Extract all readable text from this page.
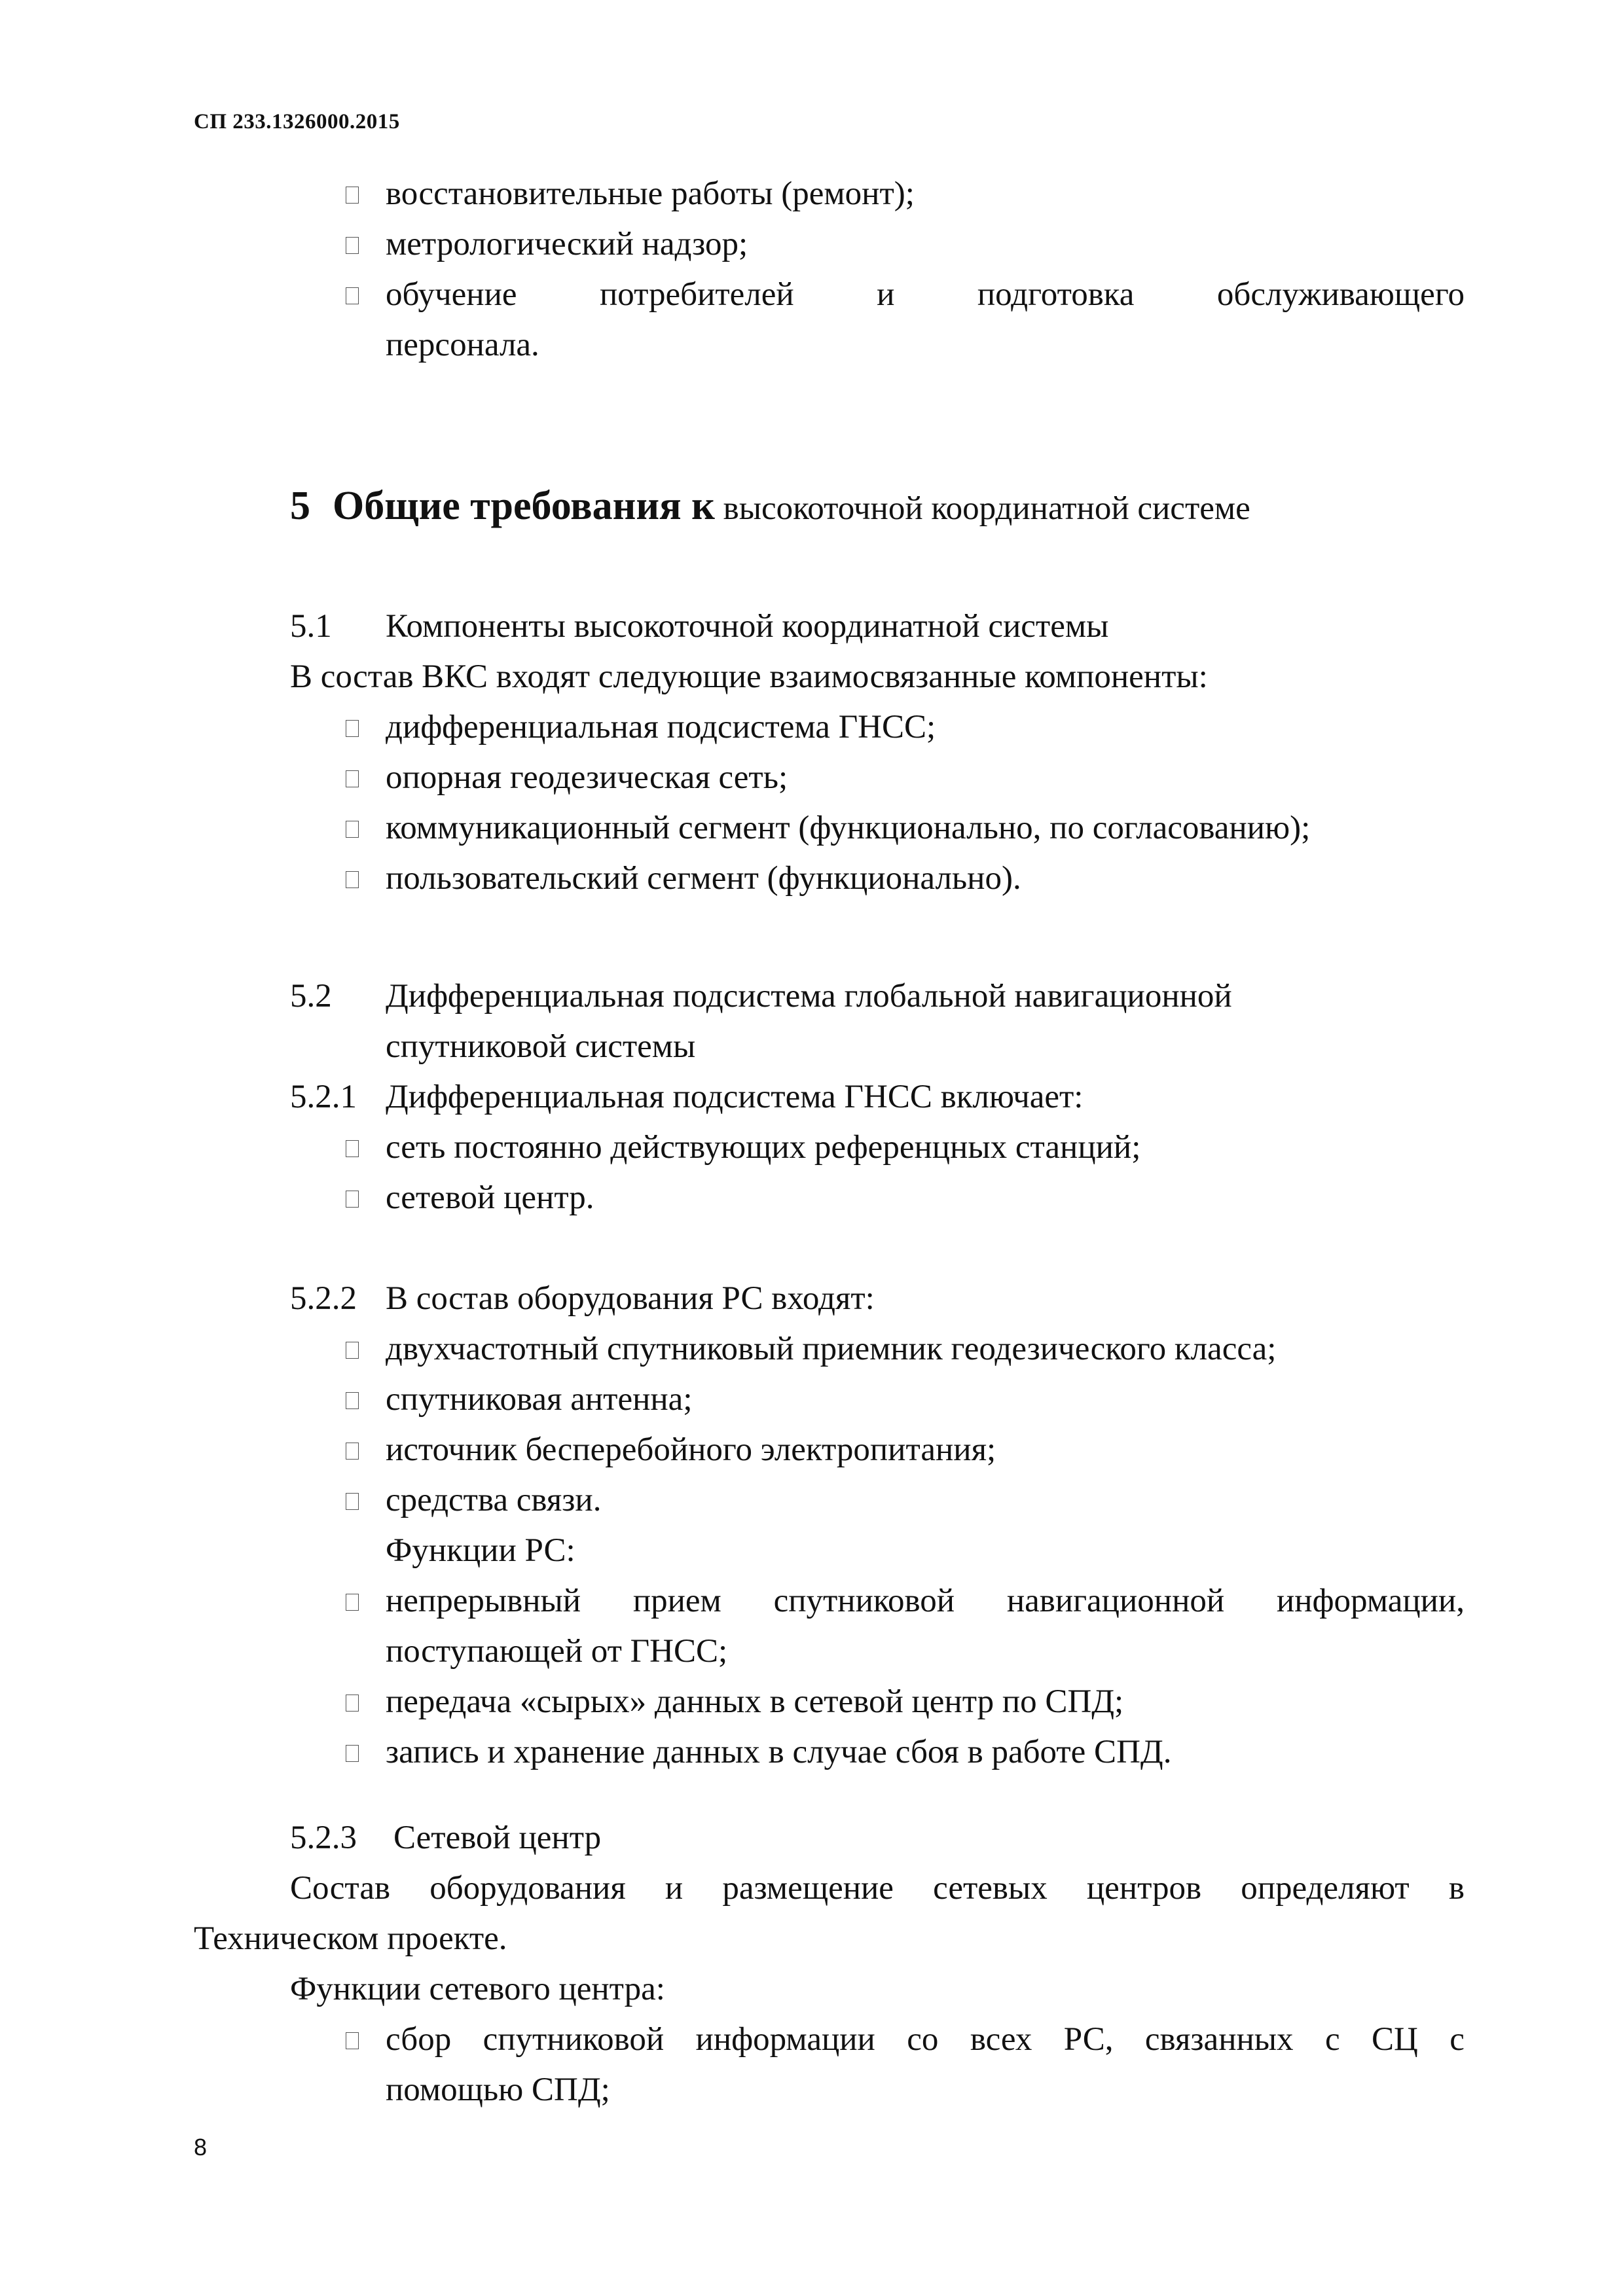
СП 233.1326000.2015
восстановительные работы (ремонт);
метрологический надзор;
обучение потребителей и подготовка обслуживающего
персонала.
5 Общие требования к высокоточной координатной системе
5.1 Компоненты высокоточной координатной системы
В состав ВКС входят следующие взаимосвязанные компоненты:
дифференциальная подсистема ГНСС;
опорная геодезическая сеть;
коммуникационный сегмент (функционально, по согласованию);
пользовательский сегмент (функционально).
5.2 Дифференциальная подсистема глобальной навигационной
спутниковой системы
5.2.1 Дифференциальная подсистема ГНСС включает:
сеть постоянно действующих референцных станций;
сетевой центр.
5.2.2 В состав оборудования РС входят:
двухчастотный спутниковый приемник геодезического класса;
спутниковая антенна;
источник бесперебойного электропитания;
средства связи.
Функции РС:
непрерывный прием спутниковой навигационной информации,
поступающей от ГНСС;
передача «сырых» данных в сетевой центр по СПД;
запись и хранение данных в случае сбоя в работе СПД.
5.2.3 Сетевой центр
Состав оборудования и размещение сетевых центров определяют в
Техническом проекте.
Функции сетевого центра:
сбор спутниковой информации со всех РС, связанных с СЦ с
помощью СПД;
8
